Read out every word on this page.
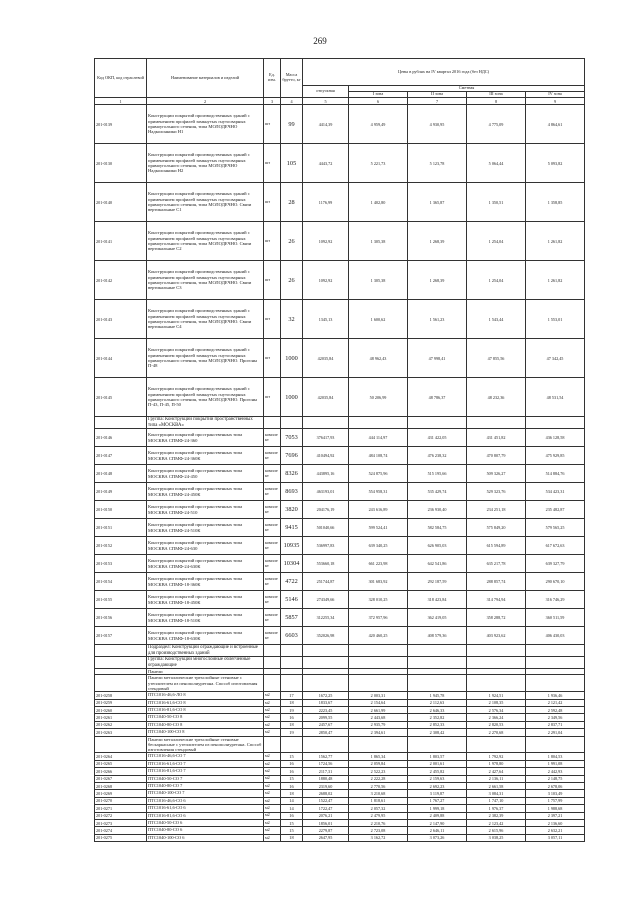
269
Код ОКП, код отраслевой	Наименование материалов и изделий	Ед. изм.	Масса брутто, кг	Цены в рублях на IV квартал 2016 года (без НДС)				
				отпускная	Сметная			
					I зона	II зона	III зона	IV зона
1	2	3	4	5	6	7	8	9
201-0139	Конструкции покрытий производственных зданий с применением профилей замкнутых гнутосварных прямоугольного сечения, типа МОЛОДЕЧНО Надколонники Н1	шт	99	4414,39	4 959,49	4 930,95	4 775,09	4 864,61
201-0130	Конструкции покрытий производственных зданий с применением профилей замкнутых гнутосварных прямоугольного сечения, типа МОЛОДЕЧНО Надколонники Н2	шт	105	4443,72	5 221,73	5 123,78	5 064,44	5 093,82
201-0140	Конструкции покрытий производственных зданий с применением профилей замкнутых гнутосварных прямоугольного сечения, типа МОЛОДЕЧНО. Связи вертикальные С1	шт	28	1176,99	1 402,80	1 365,87	1 350,51	1 358,85
201-0141	Конструкции покрытий производственных зданий с применением профилей замкнутых гнутосварных прямоугольного сечения, типа МОЛОДЕЧНО. Связи вертикальные С2	шт	26	1092,92	1 305,38	1 268,39	1 254,04	1 261,82
201-0142	Конструкции покрытий производственных зданий с применением профилей замкнутых гнутосварных прямоугольного сечения, типа МОЛОДЕЧНО. Связи вертикальные С3	шт	26	1092,92	1 305,38	1 268,39	1 254,04	1 261,82
201-0143	Конструкции покрытий производственных зданий с применением профилей замкнутых гнутосварных прямоугольного сечения, типа МОЛОДЕЧНО. Связи вертикальные С4	шт	32	1345,13	1 600,62	1 561,23	1 543,44	1 553,01
201-0144	Конструкции покрытий производственных зданий с применением профилей замкнутых гнутосварных прямоугольного сечения, типа МОЛОДЕЧНО. Прогоны П-48	шт	1000	42035,84	48 962,43	47 998,41	47 855,56	47 342,45
201-0145	Конструкции покрытий производственных зданий с применением профилей замкнутых гнутосварных прямоугольного сечения, типа МОЛОДЕЧНО. Прогоны П-43, П-45, П-50	шт	1000	42035,84	50 206,99	48 786,37	48 232,36	48 531,54
	Группа: Конструкции покрытий пространственных типа «МОСКВА»							
201-0146	Конструкции покрытий пространственных типа МОСКВА СПМФ-24-360	компле кт	7053	376417,93	444 114,97	431 422,05	431 451,82	436 128,58
201-0147	Конструкции покрытий пространственных типа МОСКВА СПМФ-24-360К	компле кт	7696	410494,92	484 108,74	476 238,32	470 807,79	475 929,85
201-0148	Конструкции покрытий пространственных типа МОСКВА СПМФ-24-450	компле кт	8326	443895,16	524 875,96	515 195,66	509 326,27	514 884,76
201-0149	Конструкции покрытий пространственных типа МОСКВА СПМФ-24-450К	компле кт	8693	463193,01	554 958,31	535 429,74	529 323,76	534 423,31
201-0150	Конструкции покрытий пространственных типа МОСКВА СПМФ-24-510	компле кт	3820	204176,19	243 616,89	236 930,40	234 251,18	235 482,87
201-0151	Конструкции покрытий пространственных типа МОСКВА СПМФ-24-510К	компле кт	9415	501040,66	599 524,41	582 584,75	575 849,20	579 565,25
201-0152	Конструкции покрытий пространственных типа МОСКВА СПМФ-24-630	компле кт	10935	536997,83	639 340,25	626 905,03	615 594,89	617 672,63
201-0153	Конструкции покрытий пространственных типа МОСКВА СПМФ-24-630К	компле кт	10304	553660,18	661 223,98	642 541,86	635 217,78	639 327,79
201-0154	Конструкции покрытий пространственных типа МОСКВА СПМФ-18-360К	компле кт	4722	251744,87	301 683,92	292 187,59	288 857,74	290 670,10
201-0155	Конструкции покрытий пространственных типа МОСКВА СПМФ-18-450К	компле кт	5146	274349,66	328 010,25	318 423,84	314 794,94	316 746,29
201-0156	Конструкции покрытий пространственных типа МОСКВА СПМФ-18-510К	компле кт	5857	312255,34	372 957,96	362 419,05	358 288,72	360 511,59
201-0157	Конструкции покрытий пространственных типа МОСКВА СПМФ-18-630К	компле кт	6603	352026,98	420 460,25	408 579,36	403 923,62	406 430,03
	Подраздел: Конструкции ограждающие и встроенные для производственных зданий							
	Группа: Конструкции многослойные облегченные ограждающие							
	Панели							
	Панели металлические трехслойные стеновые с утеплителем из пенополиуретана. Способ изготовления стендовый							
201-0258	ПТС1016-46,6-ЛО 8	м2	17	1672,25	2 003,31	1 945,78	1 924,51	1 936,46
201-0259	ПТС1016-61,6-СО 8	м2	18	1833,67	2 154,64	2 112,63	2 108,35	2 121,42
201-0260	ПТС1016-81,6-СО 8	м2	19	2223,45	2 661,99	2 646,33	2 576,34	2 592,48
201-0261	ПТС1040-50-СО 8	м2	16	2099,55	2 443,68	2 352,82	2 366,24	2 349,56
201-0262	ПТС1040-80-СО 8	м2	18	2457,67	2 935,79	2 852,33	2 820,53	2 837,71
201-0263	ПТС1040-100-СО 8	м2	19	2850,47	2 394,61	2 308,42	2 270,68	2 291,04
	Панели металлические трехслойные стеновые бескаркасные с утеплителем из пенополиуретана. Способ изготовления стендовый							
201-0264	ПТС1016-46,6-СО 7	м2	15	1562,77	1 865,34	1 803,57	1 792,92	1 804,53
201-0265	ПТС1016-61,6-СО 7	м2	16	1724,56	2 059,84	2 001,61	1 978,80	1 991,08
201-0266	ПТС1016-81,6-СО 7	м2	16	2117,31	2 522,23	2 455,82	2 427,64	2 442,93
201-0267	ПТС1040-50-СО 7	м2	15	1880,48	2 222,28	2 159,63	2 136,11	2 148,75
201-0268	ПТС1040-80-СО 7	м2	16	2319,60	2 770,56	2 692,23	2 661,58	2 678,06
201-0269	ПТС1040-100-СО 7	м2	18	2688,02	3 210,68	3 119,87	3 084,31	3 103,49
201-0270	ПТС1016-46,6-СО 6	м2	14	1522,47	1 818,61	1 767,27	1 747,10	1 757,99
201-0271	ПТС1016-61,6-СО 6	м2	14	1722,47	2 057,32	1 999,18	1 976,37	1 988,68
201-0272	ПТС1016-81,6-СО 6	м2	16	2076,21	2 479,95	2 409,88	2 382,39	2 397,21
201-0273	ПТС1040-50-СО 6	м2	15	1856,01	2 210,76	2 147,90	2 123,42	2 136,60
201-0274	ПТС1040-80-СО 6	м2	15	2279,87	2 723,08	2 646,11	2 615,96	2 632,21
201-0275	ПТС1040-100-СО 6	м2	18	2647,95	3 162,72	3 073,26	3 038,25	3 057,11
